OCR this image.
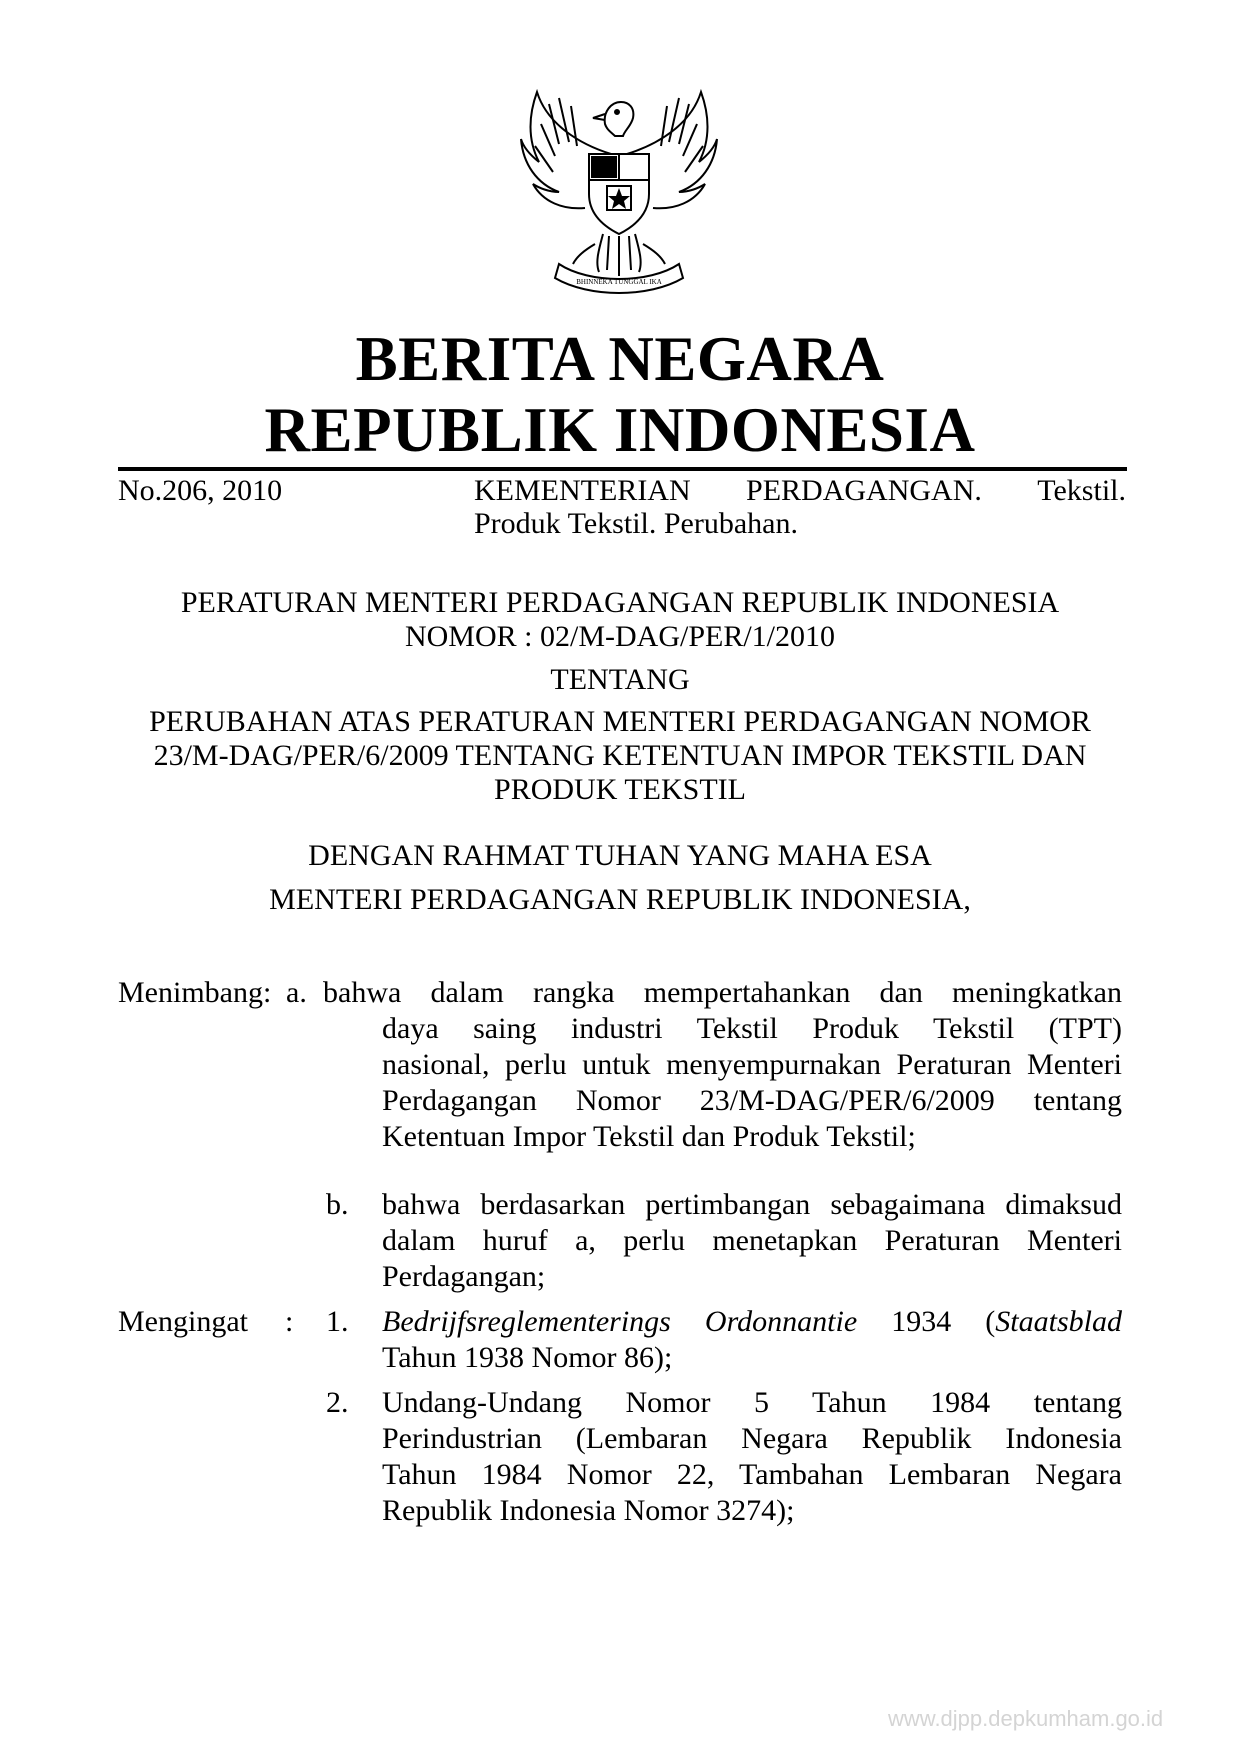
BHINNEKA TUNGGAL IKA
BERITA NEGARA
REPUBLIK INDONESIA
No.206, 2010	KEMENTERIAN PERDAGANGAN. Tekstil.
Produk Tekstil. Perubahan.
PERATURAN MENTERI PERDAGANGAN REPUBLIK INDONESIA
NOMOR : 02/M-DAG/PER/1/2010
TENTANG
PERUBAHAN ATAS PERATURAN MENTERI PERDAGANGAN NOMOR
23/M-DAG/PER/6/2009 TENTANG KETENTUAN IMPOR TEKSTIL DAN
PRODUK TEKSTIL
DENGAN RAHMAT TUHAN YANG MAHA ESA
MENTERI PERDAGANGAN REPUBLIK INDONESIA,
Menimbang: a. bahwa dalam rangka mempertahankan dan meningkatkan
daya saing industri Tekstil Produk Tekstil (TPT)
nasional, perlu untuk menyempurnakan Peraturan Menteri
Perdagangan Nomor 23/M-DAG/PER/6/2009 tentang
Ketentuan Impor Tekstil dan Produk Tekstil;
b. bahwa berdasarkan pertimbangan sebagaimana dimaksud
dalam huruf a, perlu menetapkan Peraturan Menteri
Perdagangan;
Mengingat : 1. Bedrijfsreglementerings Ordonnantie 1934 (Staatsblad
Tahun 1938 Nomor 86);
2. Undang-Undang Nomor 5 Tahun 1984 tentang
Perindustrian (Lembaran Negara Republik Indonesia
Tahun 1984 Nomor 22, Tambahan Lembaran Negara
Republik Indonesia Nomor 3274);
www.djpp.depkumham.go.id
